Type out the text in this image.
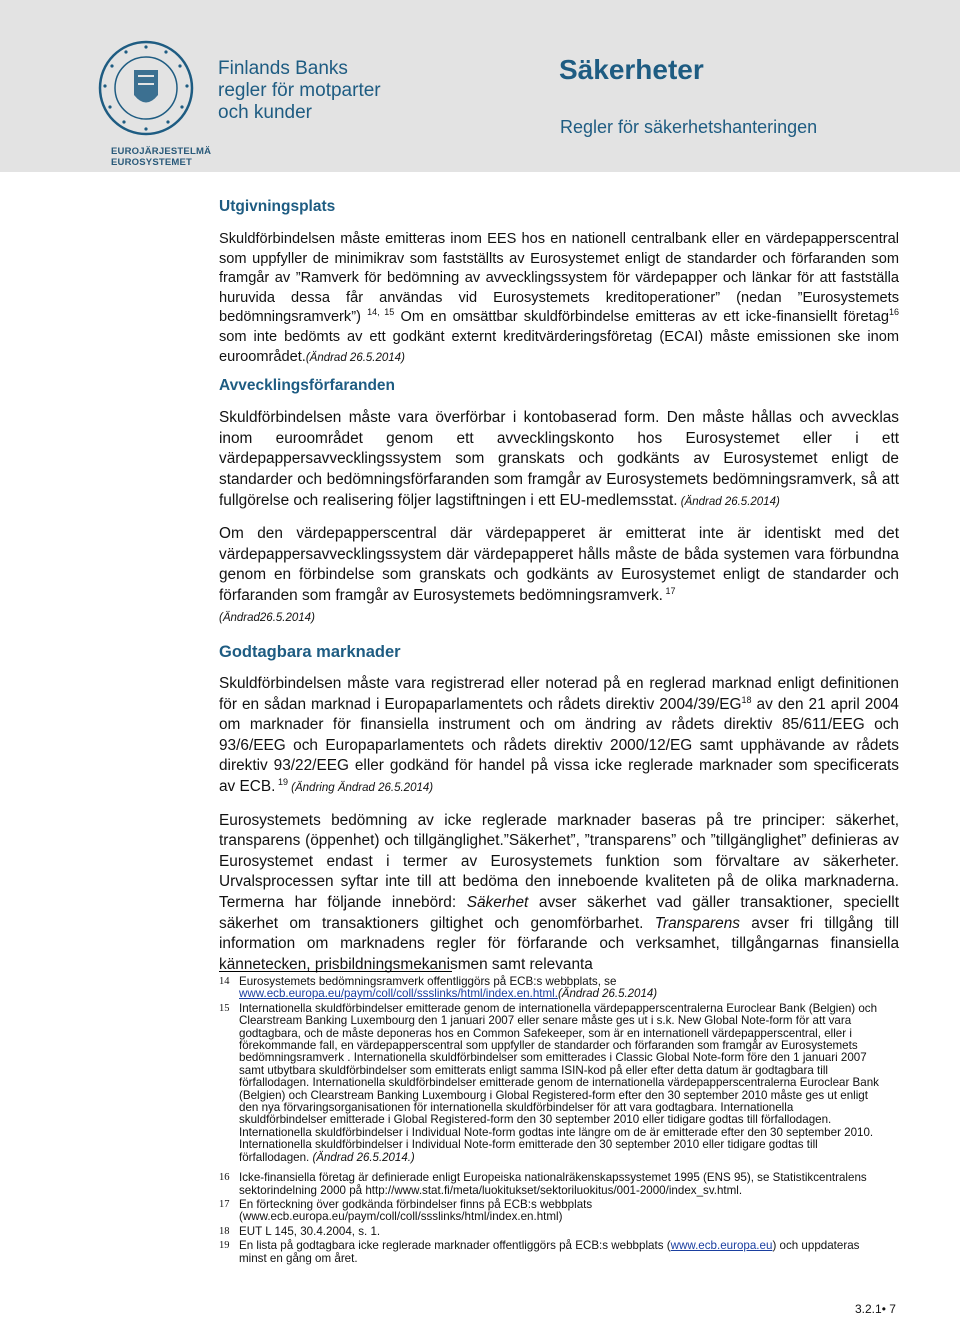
EUROJÄRJESTELMÄ
EUROSYSTEMET
Finlands Banks
regler för motparter
och kunder
Säkerheter
Regler för säkerhetshanteringen
Utgivningsplats

Skuldförbindelsen måste emitteras inom EES hos en nationell centralbank eller en värdepapperscentral som uppfyller de minimikrav som fastställts av Eurosystemet enligt de standarder och förfaranden som framgår av ”Ramverk för bedömning av avvecklingssystem för värdepapper och länkar för att fastställa huruvida dessa får användas vid Eurosystemets kreditoperationer” (nedan ”Eurosystemets bedömningsramverk”) $^{14, 15}$ Om en omsättbar skuldförbindelse emitteras av ett icke-finansiellt företag$^{16}$ som inte bedömts av ett godkänt externt kreditvärderingsföretag (ECAI) måste emissionen ske inom euroområdet.(Ändrad 26.5.2014)

Avvecklingsförfaranden

Skuldförbindelsen måste vara överförbar i kontobaserad form. Den måste hållas och avvecklas inom euroområdet genom ett avvecklingskonto hos Eurosystemet eller i ett värdepappersavvecklingssystem som granskats och godkänts av Eurosystemet enligt de standarder och bedömningsförfaranden som framgår av Eurosystemets bedömningsramverk, så att fullgörelse och realisering följer lagstiftningen i ett EU-medlemsstat. (Ändrad 26.5.2014)

Om den värdepapperscentral där värdepapperet är emitterat inte är identiskt med det värdepappersavvecklingssystem där värdepapperet hålls måste de båda systemen vara förbundna genom en förbindelse som granskats och godkänts av Eurosystemet enligt de standarder och förfaranden som framgår av Eurosystemets bedömningsramverk. $^{17}$
(Ändrad26.5.2014)

Godtagbara marknader

Skuldförbindelsen måste vara registrerad eller noterad på en reglerad marknad enligt definitionen för en sådan marknad i Europaparlamentets och rådets direktiv 2004/39/EG$^{18}$ av den 21 april 2004 om marknader för finansiella instrument och om ändring av rådets direktiv 85/611/EEG och 93/6/EEG och Europaparlamentets och rådets direktiv 2000/12/EG samt upphävande av rådets direktiv 93/22/EEG eller godkänd för handel på vissa icke reglerade marknader som specificerats av ECB. $^{19}$ (Ändring Ändrad 26.5.2014)

Eurosystemets bedömning av icke reglerade marknader baseras på tre principer: säkerhet, transparens (öppenhet) och tillgänglighet.”Säkerhet”, ”transparens” och ”tillgänglighet” definieras av Eurosystemet endast i termer av Eurosystemets funktion som förvaltare av säkerheter. Urvalsprocessen syftar inte till att bedöma den inneboende kvaliteten på de olika marknaderna. Termerna har följande innebörd: Säkerhet avser säkerhet vad gäller transaktioner, speciellt säkerhet om transaktioners giltighet och genomförbarhet. Transparens avser fri tillgång till information om marknadens regler för förfarande och verksamhet, tillgångarnas finansiella kännetecken, prisbildningsmekanismen samt relevanta

14 Eurosystemets bedömningsramverk offentliggörs på ECB:s webbplats, se www.ecb.europa.eu/paym/coll/coll/ssslinks/html/index.en.html.(Ändrad 26.5.2014)
15 Internationella skuldförbindelser emitterade genom de internationella värdepapperscentralerna Euroclear Bank (Belgien) och Clearstream Banking Luxembourg den 1 januari 2007 eller senare måste ges ut i s.k. New Global Note-form för att vara godtagbara, och de måste deponeras hos en Common Safekeeper, som är en internationell värdepapperscentral, eller i förekommande fall, en värdepapperscentral som uppfyller de standarder och förfaranden som framgår av Eurosystemets bedömningsramverk . Internationella skuldförbindelser som emitterades i Classic Global Note-form före den 1 januari 2007 samt utbytbara skuldförbindelser som emitterats enligt samma ISIN-kod på eller efter detta datum är godtagbara till förfallodagen. Internationella skuldförbindelser emitterade genom de internationella värdepapperscentralerna Euroclear Bank (Belgien) och Clearstream Banking Luxembourg i Global Registered-form efter den 30 september 2010 måste ges ut enligt den nya förvaringsorganisationen för internationella skuldförbindelser för att vara godtagbara. Internationella skuldförbindelser emitterade i Global Registered-form den 30 september 2010 eller tidigare godtas till förfallodagen. Internationella skuldförbindelser i Individual Note-form godtas inte längre om de är emitterade efter den 30 september 2010. Internationella skuldförbindelser i Individual Note-form emitterade den 30 september 2010 eller tidigare godtas till förfallodagen. (Ändrad 26.5.2014.)
16 Icke-finansiella företag är definierade enligt Europeiska nationalräkenskapssystemet 1995 (ENS 95), se Statistikcentralens sektorindelning 2000 på http://www.stat.fi/meta/luokitukset/sektoriluokitus/001-2000/index_sv.html.
17 En förteckning över godkända förbindelser finns på ECB:s webbplats (www.ecb.europa.eu/paym/coll/coll/ssslinks/html/index.en.html)
18 EUT L 145, 30.4.2004, s. 1.
19 En lista på godtagbara icke reglerade marknader offentliggörs på ECB:s webbplats (www.ecb.europa.eu) och uppdateras minst en gång om året.
3.2.1• 7
